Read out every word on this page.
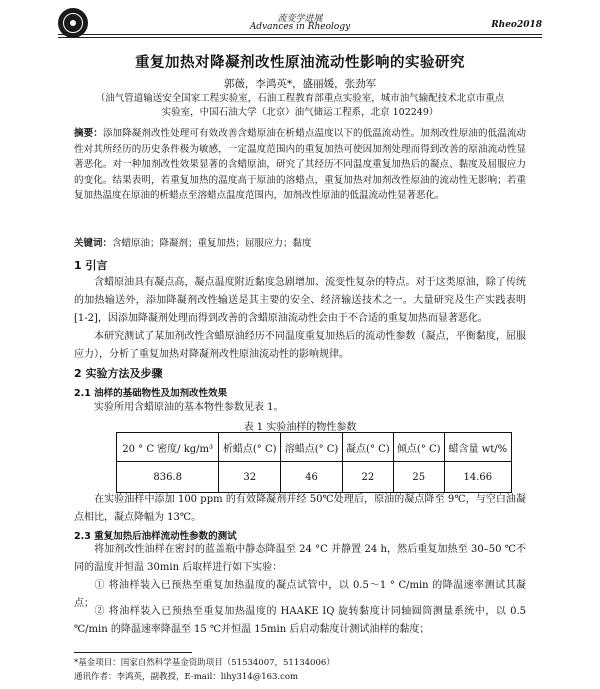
流变学进展
Advances in Rheology	Rheo2018
重复加热对降凝剂改性原油流动性影响的实验研究
郭薇，李鸿英*，盛丽媛，张劲军
（油气管道输送安全国家工程实验室，石油工程教育部重点实验室，城市油气输配技术北京市重点
实验室，中国石油大学（北京）油气储运工程系，北京 102249）
摘要：添加降凝剂改性处理可有效改善含蜡原油在析蜡点温度以下的低温流动性。加剂改性原油的低温流动性对其所经历的历史条件极为敏感，一定温度范围内的重复加热可使因加剂处理而得到改善的原油流动性显著恶化。对一种加剂改性效果显著的含蜡原油，研究了其经历不同温度重复加热后的凝点、黏度及屈服应力的变化。结果表明，若重复加热的温度高于原油的溶蜡点，重复加热对加剂改性原油的流动性无影响；若重复加热温度在原油的析蜡点至溶蜡点温度范围内，加剂改性原油的低温流动性显著恶化。
关键词：含蜡原油；降凝剂；重复加热；屈服应力；黏度
1 引言
含蜡原油具有凝点高，凝点温度附近黏度急剧增加、流变性复杂的特点。对于这类原油，除了传统的加热输送外，添加降凝剂改性输送是其主要的安全、经济输送技术之一。大量研究及生产实践表明[1-2]，因添加降凝剂处理而得到改善的含蜡原油流动性会由于不合适的重复加热而显著恶化。
本研究测试了某加剂改性含蜡原油经历不同温度重复加热后的流动性参数（凝点，平衡黏度，屈服应力），分析了重复加热对降凝剂改性原油流动性的影响规律。
2 实验方法及步骤
2.1 油样的基础物性及加剂改性效果
实验所用含蜡原油的基本物性参数见表 1。
表 1 实验油样的物性参数
20 ° C 密度/ kg/m³	析蜡点(° C)	溶蜡点(° C)	凝点(° C)	倾点(° C)	蜡含量 wt/%
836.8	32	46	22	25	14.66
在实验油样中添加 100 ppm 的有效降凝剂并经 50℃处理后，原油的凝点降至 9℃，与空白油凝点相比，凝点降幅为 13℃。
2.3 重复加热后油样流动性参数的测试
将加剂改性油样在密封的蓝盖瓶中静态降温至 24 °C 并静置 24 h，然后重复加热至 30–50 ℃不同的温度并恒温 30min 后取样进行如下实验：
① 将油样装入已预热至重复加热温度的凝点试管中，以 0.5～1 ° C/min 的降温速率测试其凝点；
② 将油样装入已预热至重复加热温度的 HAAKE IQ 旋转黏度计同轴圆筒测量系统中，以 0.5 ℃/min 的降温速率降温至 15 ℃并恒温 15min 后启动黏度计测试油样的黏度；
*基金项目：国家自然科学基金资助项目（51534007，51134006）
通讯作者：李鸿英，副教授，E-mail：lihy314@163.com
